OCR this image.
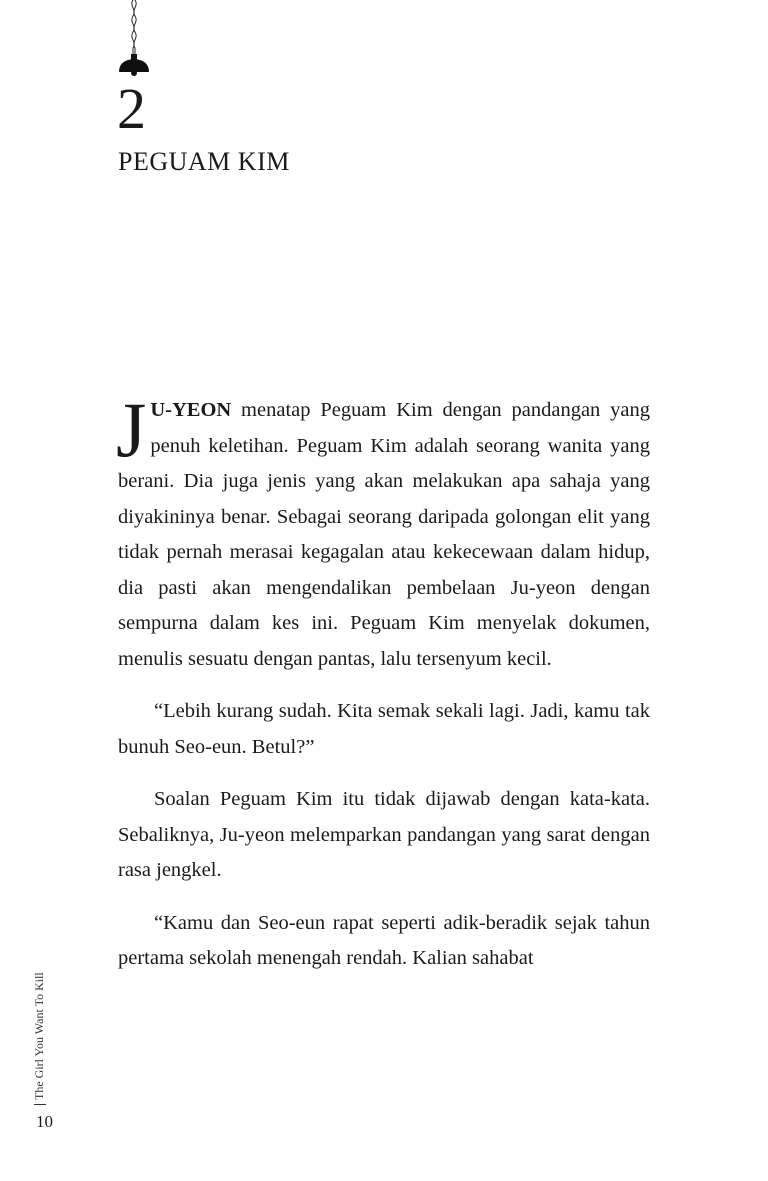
2
PEGUAM KIM

J U-YEON menatap Peguam Kim dengan pandangan yang penuh keletihan. Peguam Kim adalah seorang wanita yang berani. Dia juga jenis yang akan melakukan apa sahaja yang diyakininya benar. Sebagai seorang daripada golongan elit yang tidak pernah merasai kegagalan atau kekecewaan dalam hidup, dia pasti akan mengendalikan pembelaan Ju-yeon dengan sempurna dalam kes ini. Peguam Kim menyelak dokumen, menulis sesuatu dengan pantas, lalu tersenyum kecil.

“Lebih kurang sudah. Kita semak sekali lagi. Jadi, kamu tak bunuh Seo-eun. Betul?”

Soalan Peguam Kim itu tidak dijawab dengan kata-kata. Sebaliknya, Ju-yeon melemparkan pandangan yang sarat dengan rasa jengkel.

“Kamu dan Seo-eun rapat seperti adik-beradik sejak tahun pertama sekolah menengah rendah. Kalian sahabat

The Girl You Want To Kill
10
